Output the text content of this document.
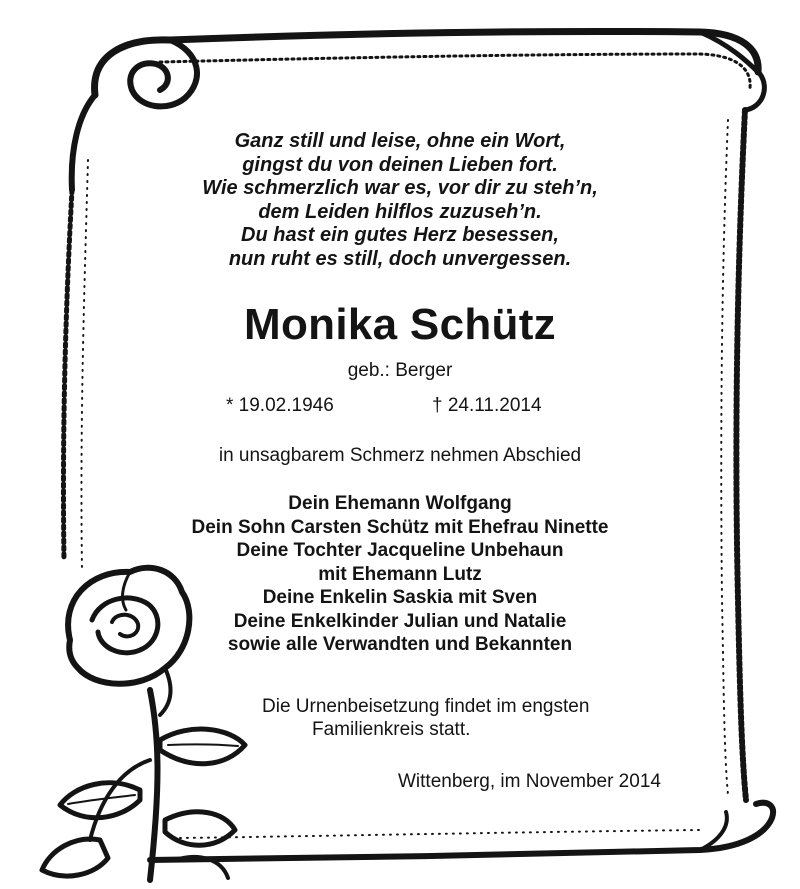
Ganz still und leise, ohne ein Wort,
gingst du von deinen Lieben fort.
Wie schmerzlich war es, vor dir zu steh’n,
dem Leiden hilflos zuzuseh’n.
Du hast ein gutes Herz besessen,
nun ruht es still, doch unvergessen.
Monika Schütz
geb.: Berger
* 19.02.1946	† 24.11.2014
in unsagbarem Schmerz nehmen Abschied
Dein Ehemann Wolfgang
Dein Sohn Carsten Schütz mit Ehefrau Ninette
Deine Tochter Jacqueline Unbehaun
mit Ehemann Lutz
Deine Enkelin Saskia mit Sven
Deine Enkelkinder Julian und Natalie
sowie alle Verwandten und Bekannten
Die Urnenbeisetzung findet im engsten
Familienkreis statt.
Wittenberg, im November 2014
